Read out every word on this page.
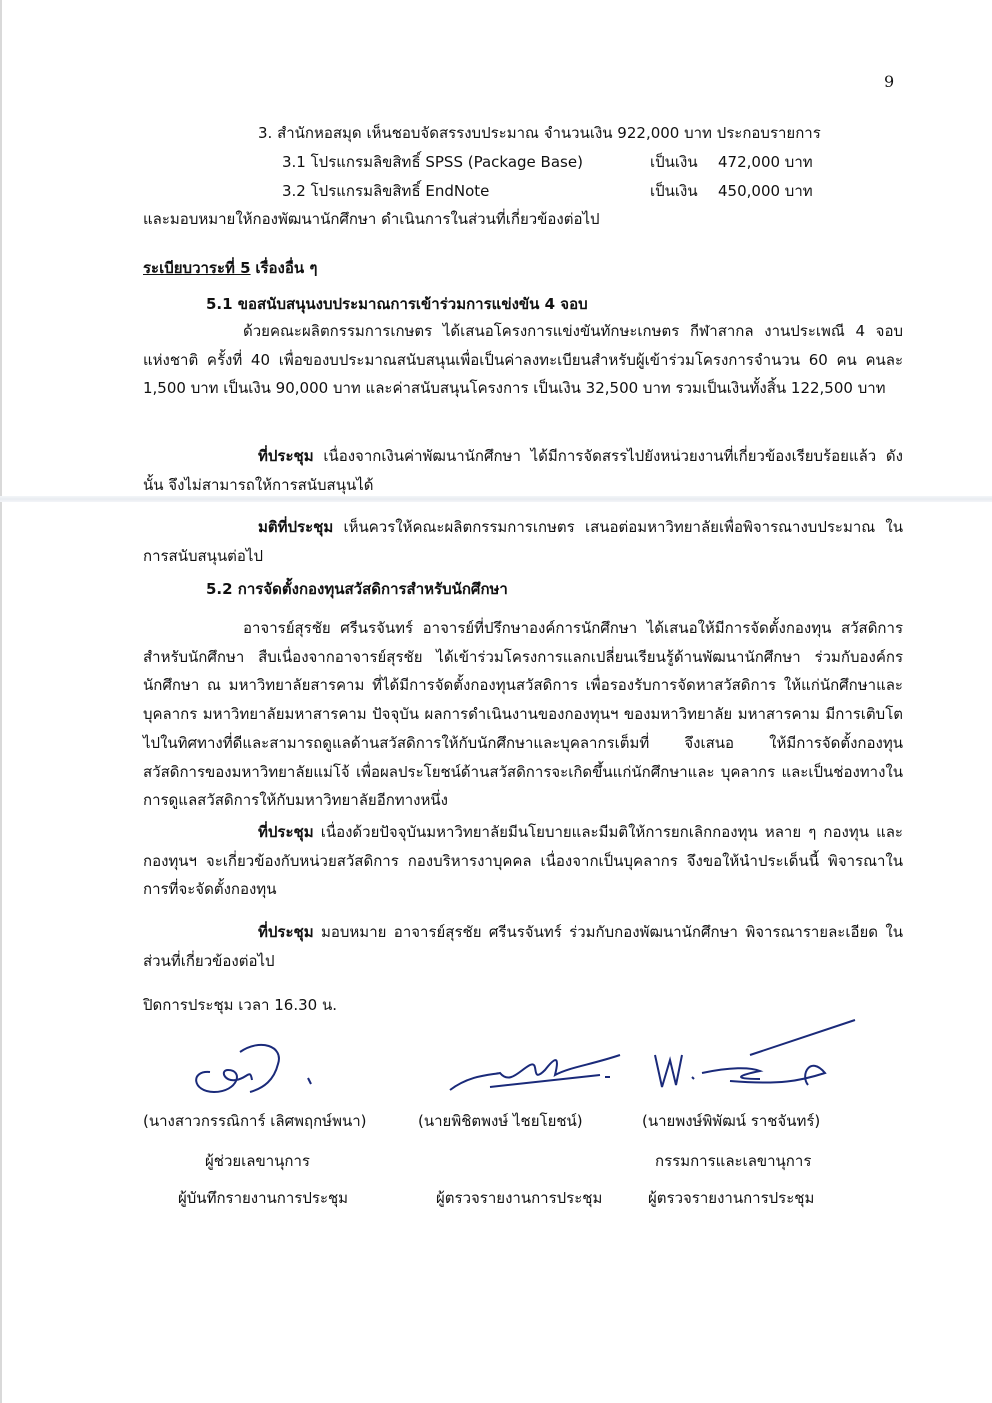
9
3. สำนักหอสมุด เห็นชอบจัดสรรงบประมาณ จำนวนเงิน 922,000 บาท ประกอบรายการ
3.1 โปรแกรมลิขสิทธิ์ SPSS (Package Base)	เป็นเงิน 472,000 บาท
3.2 โปรแกรมลิขสิทธิ์ EndNote	เป็นเงิน 450,000 บาท
และมอบหมายให้กองพัฒนานักศึกษา ดำเนินการในส่วนที่เกี่ยวข้องต่อไป
ระเบียบวาระที่ 5 เรื่องอื่น ๆ
5.1 ขอสนับสนุนงบประมาณการเข้าร่วมการแข่งขัน 4 จอบ
ด้วยคณะผลิตกรรมการเกษตร ได้เสนอโครงการแข่งขันทักษะเกษตร กีฬาสากล งานประเพณี 4 จอบ แห่งชาติ ครั้งที่ 40 เพื่อของบประมาณสนับสนุนเพื่อเป็นค่าลงทะเบียนสำหรับผู้เข้าร่วมโครงการจำนวน 60 คน คนละ 1,500 บาท เป็นเงิน 90,000 บาท และค่าสนับสนุนโครงการ เป็นเงิน 32,500 บาท รวมเป็นเงินทั้งสิ้น 122,500 บาท
ที่ประชุม เนื่องจากเงินค่าพัฒนานักศึกษา ได้มีการจัดสรรไปยังหน่วยงานที่เกี่ยวข้องเรียบร้อยแล้ว ดังนั้น จึงไม่สามารถให้การสนับสนุนได้
มติที่ประชุม เห็นควรให้คณะผลิตกรรมการเกษตร เสนอต่อมหาวิทยาลัยเพื่อพิจารณางบประมาณ ในการสนับสนุนต่อไป
5.2 การจัดตั้งกองทุนสวัสดิการสำหรับนักศึกษา
อาจารย์สุรชัย ศรีนรจันทร์ อาจารย์ที่ปรึกษาองค์การนักศึกษา ได้เสนอให้มีการจัดตั้งกองทุน สวัสดิการสำหรับนักศึกษา สืบเนื่องจากอาจารย์สุรชัย ได้เข้าร่วมโครงการแลกเปลี่ยนเรียนรู้ด้านพัฒนานักศึกษา ร่วมกับองค์กรนักศึกษา ณ มหาวิทยาลัยสารคาม ที่ได้มีการจัดตั้งกองทุนสวัสดิการ เพื่อรองรับการจัดหาสวัสดิการ ให้แก่นักศึกษาและบุคลากร มหาวิทยาลัยมหาสารคาม ปัจจุบัน ผลการดำเนินงานของกองทุนฯ ของมหาวิทยาลัย มหาสารคาม มีการเติบโตไปในทิศทางที่ดีและสามารถดูแลด้านสวัสดิการให้กับนักศึกษาและบุคลากรเต็มที่ จึงเสนอ ให้มีการจัดตั้งกองทุนสวัสดิการของมหาวิทยาลัยแม่โจ้ เพื่อผลประโยชน์ด้านสวัสดิการจะเกิดขึ้นแก่นักศึกษาและ บุคลากร และเป็นช่องทางในการดูแลสวัสดิการให้กับมหาวิทยาลัยอีกทางหนึ่ง
ที่ประชุม เนื่องด้วยปัจจุบันมหาวิทยาลัยมีนโยบายและมีมติให้การยกเลิกกองทุน หลาย ๆ กองทุน และกองทุนฯ จะเกี่ยวข้องกับหน่วยสวัสดิการ กองบริหารงาบุคคล เนื่องจากเป็นบุคลากร จึงขอให้นำประเด็นนี้ พิจารณาในการที่จะจัดตั้งกองทุน
ที่ประชุม มอบหมาย อาจารย์สุรชัย ศรีนรจันทร์ ร่วมกับกองพัฒนานักศึกษา พิจารณารายละเอียด ในส่วนที่เกี่ยวข้องต่อไป
ปิดการประชุม เวลา 16.30 น.
(นางสาวกรรณิการ์ เลิศพฤกษ์พนา)
ผู้ช่วยเลขานุการ
ผู้บันทึกรายงานการประชุม
(นายพิชิตพงษ์ ไชยโยชน์)
ผู้ตรวจรายงานการประชุม
(นายพงษ์พิพัฒน์ ราชจันทร์)
กรรมการและเลขานุการ
ผู้ตรวจรายงานการประชุม
